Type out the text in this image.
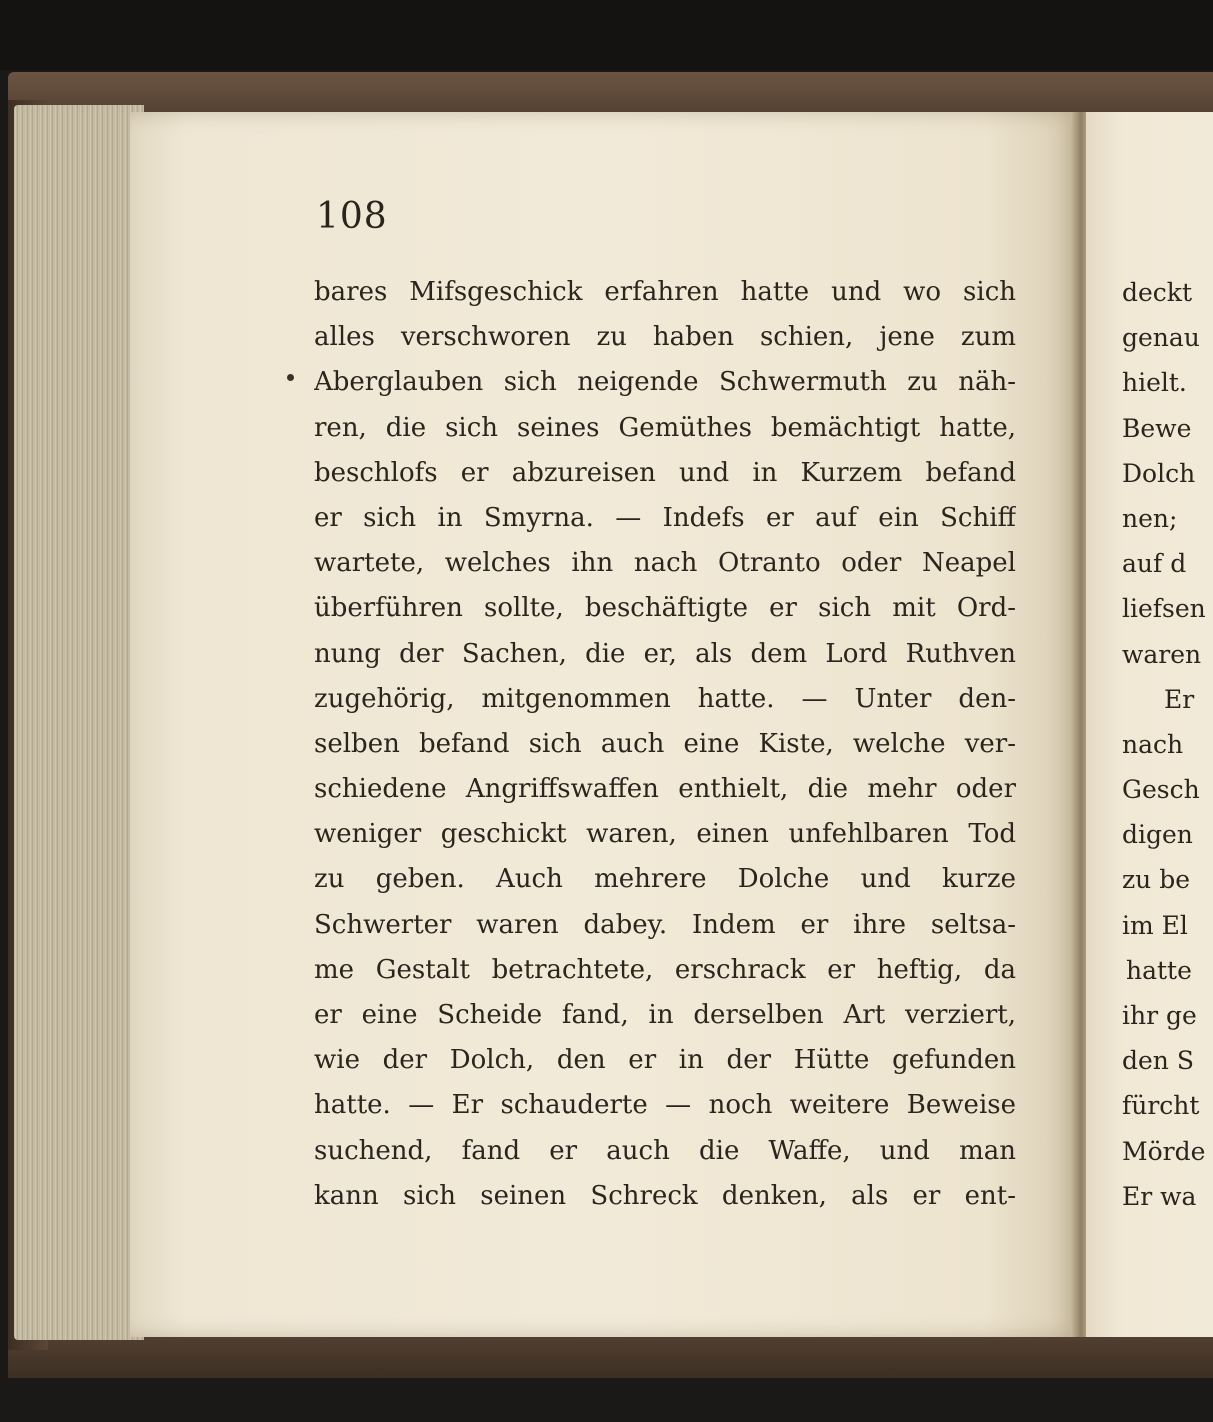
108

bares Mifsgeschick erfahren hatte und wo sich
alles verschworen zu haben schien, jene zum
Aberglauben sich neigende Schwermuth zu näh-
ren, die sich seines Gemüthes bemächtigt hatte,
beschlofs er abzureisen und in Kurzem befand
er sich in Smyrna. — Indefs er auf ein Schiff
wartete, welches ihn nach Otranto oder Neapel
überführen sollte, beschäftigte er sich mit Ord-
nung der Sachen, die er, als dem Lord Ruthven
zugehörig, mitgenommen hatte. — Unter den-
selben befand sich auch eine Kiste, welche ver-
schiedene Angriffswaffen enthielt, die mehr oder
weniger geschickt waren, einen unfehlbaren Tod
zu geben. Auch mehrere Dolche und kurze
Schwerter waren dabey. Indem er ihre seltsa-
me Gestalt betrachtete, erschrack er heftig, da
er eine Scheide fand, in derselben Art verziert,
wie der Dolch, den er in der Hütte gefunden
hatte. — Er schauderte — noch weitere Beweise
suchend, fand er auch die Waffe, und man
kann sich seinen Schreck denken, als er ent-
deckt
genau
hielt.
Bewe
Dolch
nen;
auf d
liefsen
waren
Er
nach
Gesch
digen
zu be
im El
hatte
ihr ge
den S
fürcht
Mörde
Er wa
